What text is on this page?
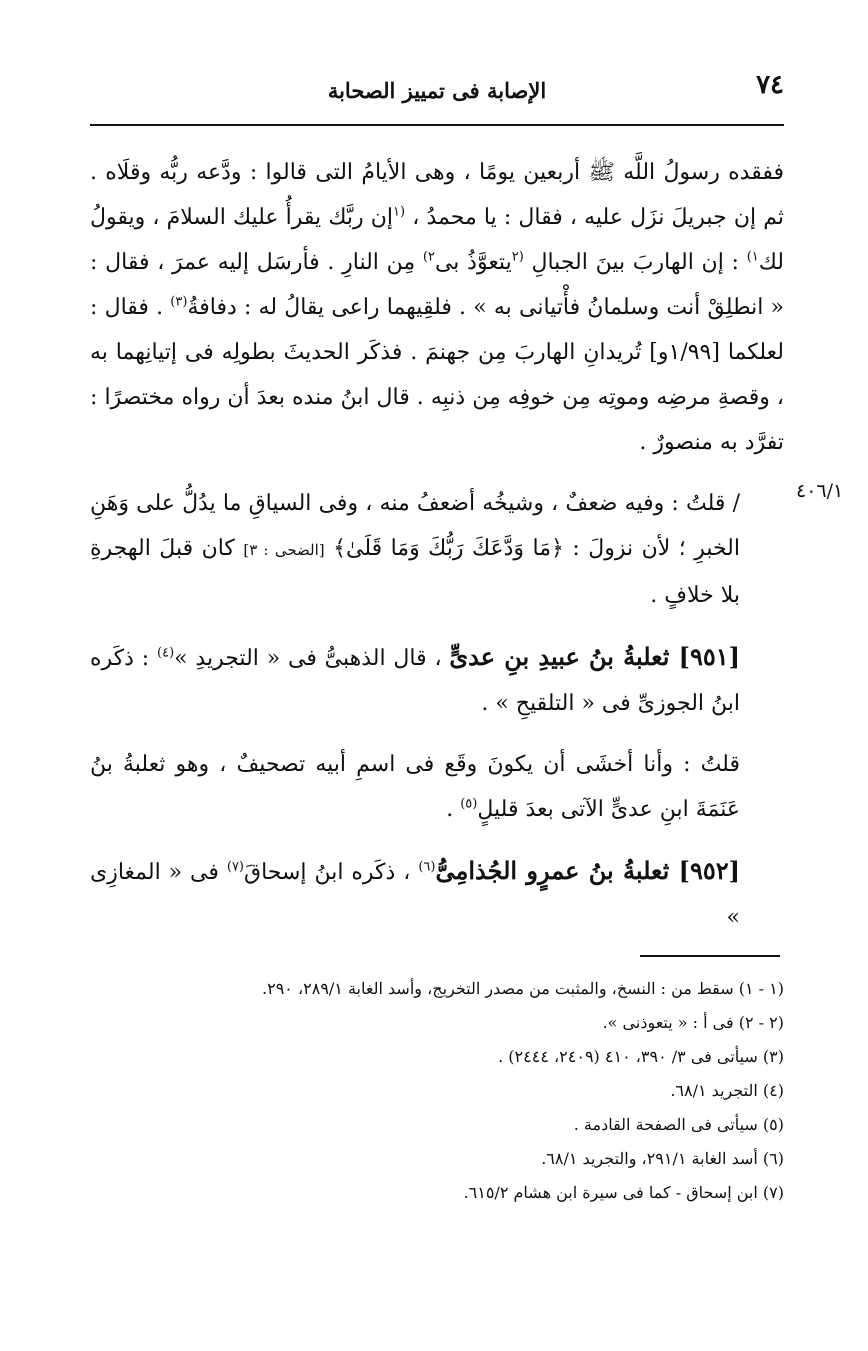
٧٤
الإصابة فى تمييز الصحابة
٤٠٦/١

ففقده رسولُ اللَّه ﷺ أربعين يومًا ، وهى الأيامُ التى قالوا : ودَّعه ربُّه وقلَاه . ثم إن جبريلَ نزَل عليه ، فقال : يا محمدُ ، $^{(١}$إن ربَّك يقرأُ عليك السلامَ ، ويقولُ لك$^{١)}$ : إن الهاربَ بينَ الجبالِ $^{(٢}$يتعوَّذُ بى$^{٢)}$ مِن النارِ . فأرسَل إليه عمرَ ، فقال : « انطلِقْ أنت وسلمانُ فأْتيانى به » . فلقِيهما راعى يقالُ له : دفافةُ$^{(٣)}$ . فقال : لعلكما [١/٩٩و] تُريدانِ الهاربَ مِن جهنمَ . فذكَر الحديثَ بطولِه فى إتيانِهما به ، وقصةِ مرضِه وموتِه مِن خوفِه مِن ذنبِه . قال ابنُ منده بعدَ أن رواه مختصرًا : تفرَّد به منصورٌ .

/ قلتُ : وفيه ضعفٌ ، وشيخُه أضعفُ منه ، وفى السياقِ ما يدُلُّ على وَهَنِ الخبرِ ؛ لأن نزولَ : ﴿مَا وَدَّعَكَ رَبُّكَ وَمَا قَلَىٰ﴾ [الضحى : ٣] كان قبلَ الهجرةِ بلا خلافٍ .

[٩٥١] ثعلبةُ بنُ عبيدِ بنِ عدىٍّ ، قال الذهبىُّ فى « التجريدِ »$^{(٤)}$ : ذكَره ابنُ الجوزىِّ فى « التلقيحِ » .

قلتُ : وأنا أخشَى أن يكونَ وقَع فى اسمِ أبيه تصحيفٌ ، وهو ثعلبةُ بنُ عَنَمَةَ ابنِ عدىٍّ الآتى بعدَ قليلٍ$^{(٥)}$ .

[٩٥٢] ثعلبةُ بنُ عمرٍو الجُذامِىُّ$^{(٦)}$ ، ذكَره ابنُ إسحاقَ$^{(٧)}$ فى « المغازِى »

(١ - ١) سقط من : النسخ، والمثبت من مصدر التخريج، وأسد الغابة ٢٨٩/١، ٢٩٠.
(٢ - ٢) فى أ : « يتعوذنى ».
(٣) سيأتى فى ٣/ ٣٩٠، ٤١٠ (٢٤٠٩، ٢٤٤٤) .
(٤) التجريد ٦٨/١.
(٥) سيأتى فى الصفحة القادمة .
(٦) أسد الغابة ٢٩١/١، والتجريد ٦٨/١.
(٧) ابن إسحاق - كما فى سيرة ابن هشام ٦١٥/٢.
